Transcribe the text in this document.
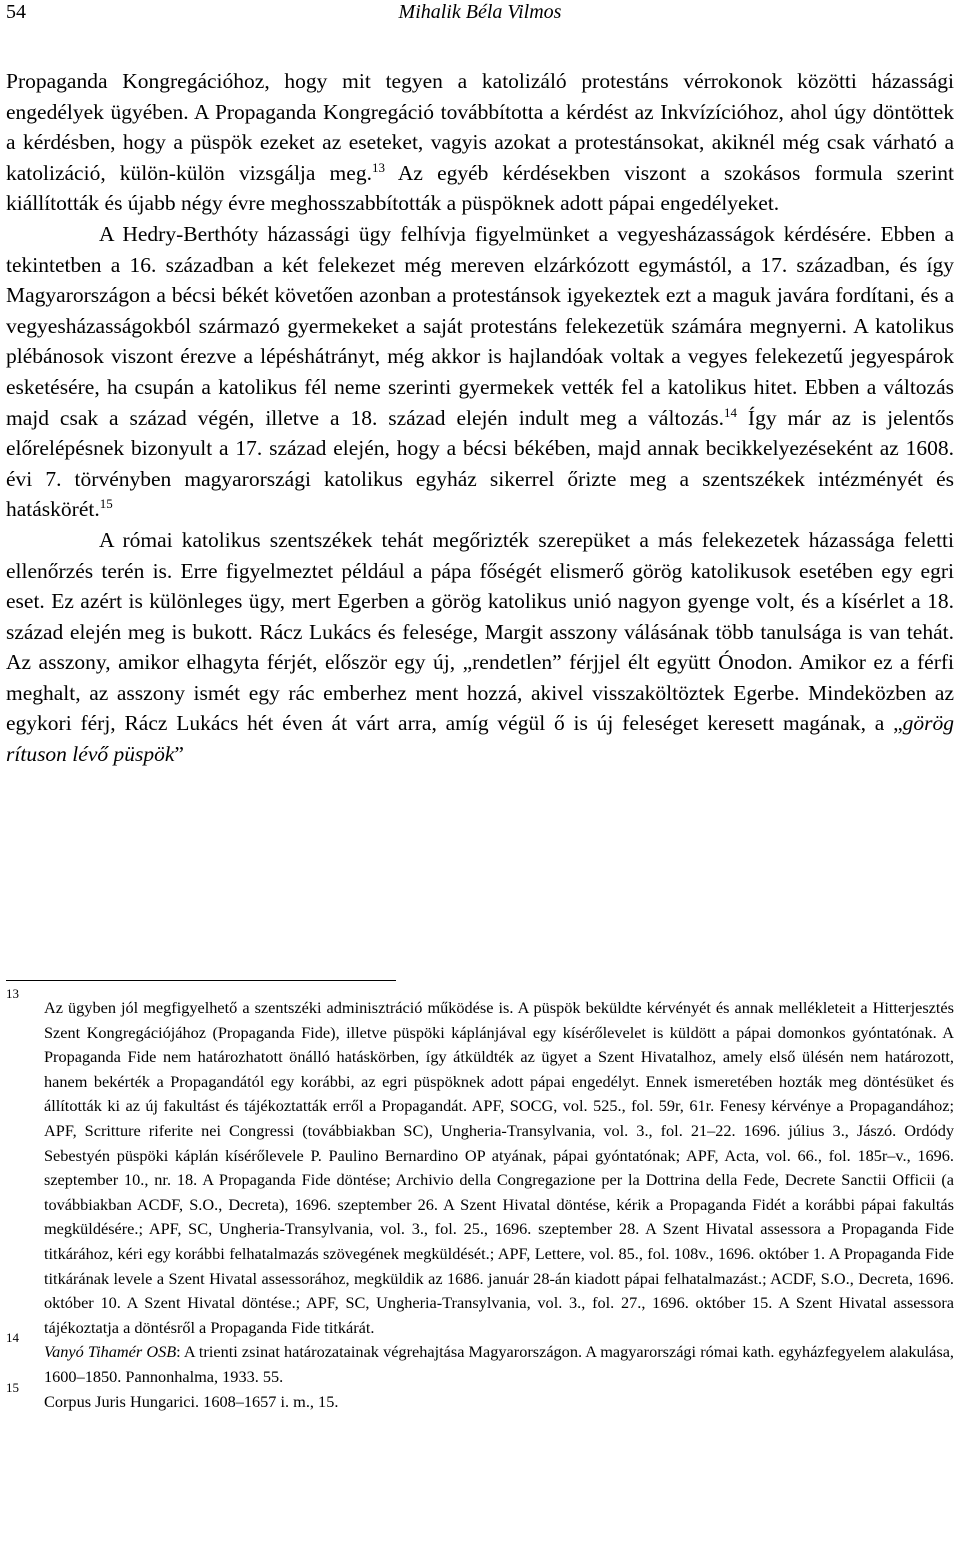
54	Mihalik Béla Vilmos

Propaganda Kongregációhoz, hogy mit tegyen a katolizáló protestáns vérrokonok közötti házassági engedélyek ügyében. A Propaganda Kongregáció továbbította a kérdést az Inkvízícióhoz, ahol úgy döntöttek a kérdésben, hogy a püspök ezeket az eseteket, vagyis azokat a protestánsokat, akiknél még csak várható a katolizáció, külön-külön vizsgálja meg.$^{13}$ Az egyéb kérdésekben viszont a szokásos formula szerint kiállították és újabb négy évre meghosszabbították a püspöknek adott pápai engedélyeket.

A Hedry-Berthóty házassági ügy felhívja figyelmünket a vegyesházasságok kérdésére. Ebben a tekintetben a 16. században a két felekezet még mereven elzárkózott egymástól, a 17. században, és így Magyarországon a bécsi békét követően azonban a protestánsok igyekeztek ezt a maguk javára fordítani, és a vegyesházasságokból származó gyermekeket a saját protestáns felekezetük számára megnyerni. A katolikus plébánosok viszont érezve a lépéshátrányt, még akkor is hajlandóak voltak a vegyes felekezetű jegyespárok esketésére, ha csupán a katolikus fél neme szerinti gyermekek vették fel a katolikus hitet. Ebben a változás majd csak a század végén, illetve a 18. század elején indult meg a változás.$^{14}$ Így már az is jelentős előrelépésnek bizonyult a 17. század elején, hogy a bécsi békében, majd annak becikkelyezéseként az 1608. évi 7. törvényben magyarországi katolikus egyház sikerrel őrizte meg a szentszékek intézményét és hatáskörét.$^{15}$

A római katolikus szentszékek tehát megőrizték szerepüket a más felekezetek házassága feletti ellenőrzés terén is. Erre figyelmeztet például a pápa főségét elismerő görög katolikusok esetében egy egri eset. Ez azért is különleges ügy, mert Egerben a görög katolikus unió nagyon gyenge volt, és a kísérlet a 18. század elején meg is bukott. Rácz Lukács és felesége, Margit asszony válásának több tanulsága is van tehát. Az asszony, amikor elhagyta férjét, először egy új, „rendetlen” férjjel élt együtt Ónodon. Amikor ez a férfi meghalt, az asszony ismét egy rác emberhez ment hozzá, akivel visszaköltöztek Egerbe. Mindeközben az egykori férj, Rácz Lukács hét éven át várt arra, amíg végül ő is új feleséget keresett magának, a „görög rítuson lévő püspök”

13
Az ügyben jól megfigyelhető a szentszéki adminisztráció működése is. A püspök beküldte kérvényét és annak mellékleteit a Hitterjesztés Szent Kongregációjához (Propaganda Fide), illetve püspöki káplánjával egy kísérőlevelet is küldött a pápai domonkos gyóntatónak. A Propaganda Fide nem határozhatott önálló hatáskörben, így átküldték az ügyet a Szent Hivatalhoz, amely első ülésén nem határozott, hanem bekérték a Propagandától egy korábbi, az egri püspöknek adott pápai engedélyt. Ennek ismeretében hozták meg döntésüket és állították ki az új fakultást és tájékoztatták erről a Propagandát. APF, SOCG, vol. 525., fol. 59r, 61r. Fenesy kérvénye a Propagandához; APF, Scritture riferite nei Congressi (továbbiakban SC), Ungheria-Transylvania, vol. 3., fol. 21–22. 1696. július 3., Jászó. Ordódy Sebestyén püspöki káplán kísérőlevele P. Paulino Bernardino OP atyának, pápai gyóntatónak; APF, Acta, vol. 66., fol. 185r–v., 1696. szeptember 10., nr. 18. A Propaganda Fide döntése; Archivio della Congregazione per la Dottrina della Fede, Decrete Sanctii Officii (a továbbiakban ACDF, S.O., Decreta), 1696. szeptember 26. A Szent Hivatal döntése, kérik a Propaganda Fidét a korábbi pápai fakultás megküldésére.; APF, SC, Ungheria-Transylvania, vol. 3., fol. 25., 1696. szeptember 28. A Szent Hivatal assessora a Propaganda Fide titkárához, kéri egy korábbi felhatalmazás szövegének megküldését.; APF, Lettere, vol. 85., fol. 108v., 1696. október 1. A Propaganda Fide titkárának levele a Szent Hivatal assessorához, megküldik az 1686. január 28-án kiadott pápai felhatalmazást.; ACDF, S.O., Decreta, 1696. október 10. A Szent Hivatal döntése.; APF, SC, Ungheria-Transylvania, vol. 3., fol. 27., 1696. október 15. A Szent Hivatal assessora tájékoztatja a döntésről a Propaganda Fide titkárát.
14
Vanyó Tihamér OSB: A trienti zsinat határozatainak végrehajtása Magyarországon. A magyarországi római kath. egyházfegyelem alakulása, 1600–1850. Pannonhalma, 1933. 55.
15
Corpus Juris Hungarici. 1608–1657 i. m., 15.
